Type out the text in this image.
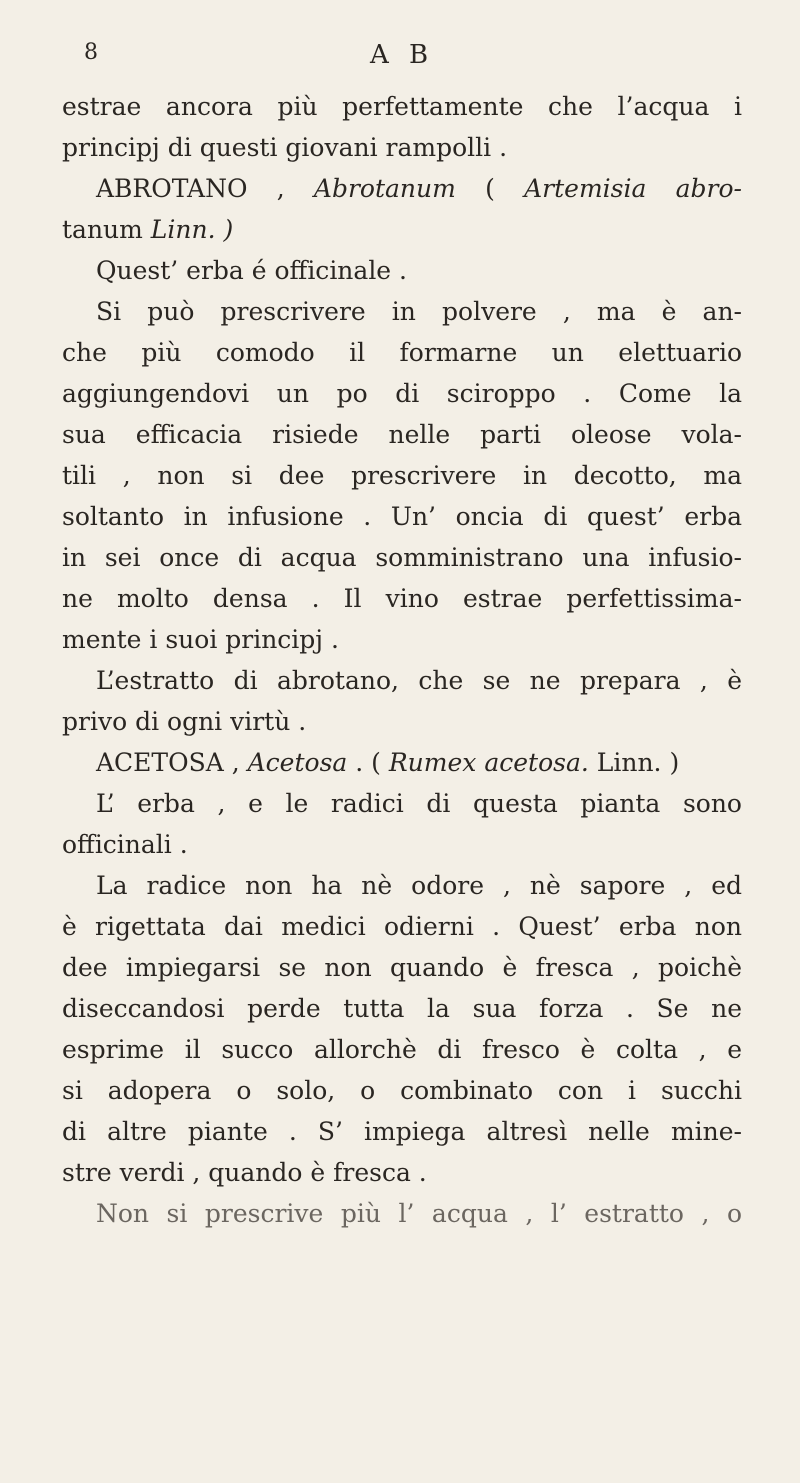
8	A B
estrae ancora più perfettamente che l’acqua i
principj di questi giovani rampolli .
ABROTANO , Abrotanum ( Artemisia abro-
tanum Linn. )
Quest’ erba é officinale .
Si può prescrivere in polvere , ma è an-
che più comodo il formarne un elettuario
aggiungendovi un po di sciroppo . Come la
sua efficacia risiede nelle parti oleose vola-
tili , non si dee prescrivere in decotto, ma
soltanto in infusione . Un’ oncia di quest’ erba
in sei once di acqua somministrano una infusio-
ne molto densa . Il vino estrae perfettissima-
mente i suoi principj .
L’estratto di abrotano, che se ne prepara , è
privo di ogni virtù .
ACETOSA , Acetosa . ( Rumex acetosa. Linn. )
L’ erba , e le radici di questa pianta sono
officinali .
La radice non ha nè odore , nè sapore , ed
è rigettata dai medici odierni . Quest’ erba non
dee impiegarsi se non quando è fresca , poichè
diseccandosi perde tutta la sua forza . Se ne
esprime il succo allorchè di fresco è colta , e
si adopera o solo, o combinato con i succhi
di altre piante . S’ impiega altresì nelle mine-
stre verdi , quando è fresca .
Non si prescrive più l’ acqua , l’ estratto , o
